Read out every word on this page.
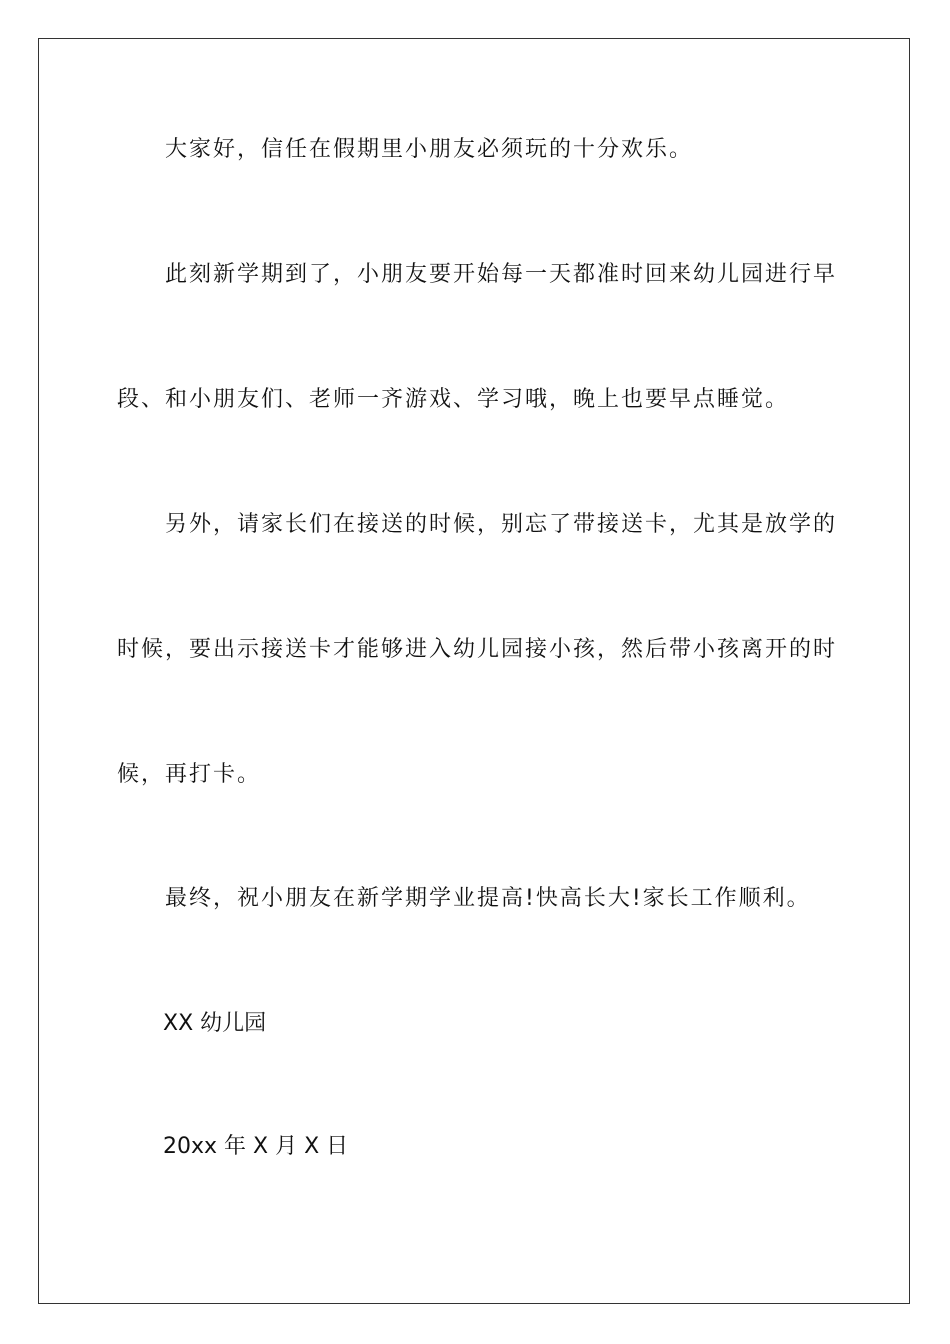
大家好，信任在假期里小朋友必须玩的十分欢乐。
此刻新学期到了，小朋友要开始每一天都准时回来幼儿园进行早
段、和小朋友们、老师一齐游戏、学习哦，晚上也要早点睡觉。
另外，请家长们在接送的时候，别忘了带接送卡，尤其是放学的
时候，要出示接送卡才能够进入幼儿园接小孩，然后带小孩离开的时
候，再打卡。
最终，祝小朋友在新学期学业提高!快高长大!家长工作顺利。
XX 幼儿园
20xx 年 X 月 X 日
